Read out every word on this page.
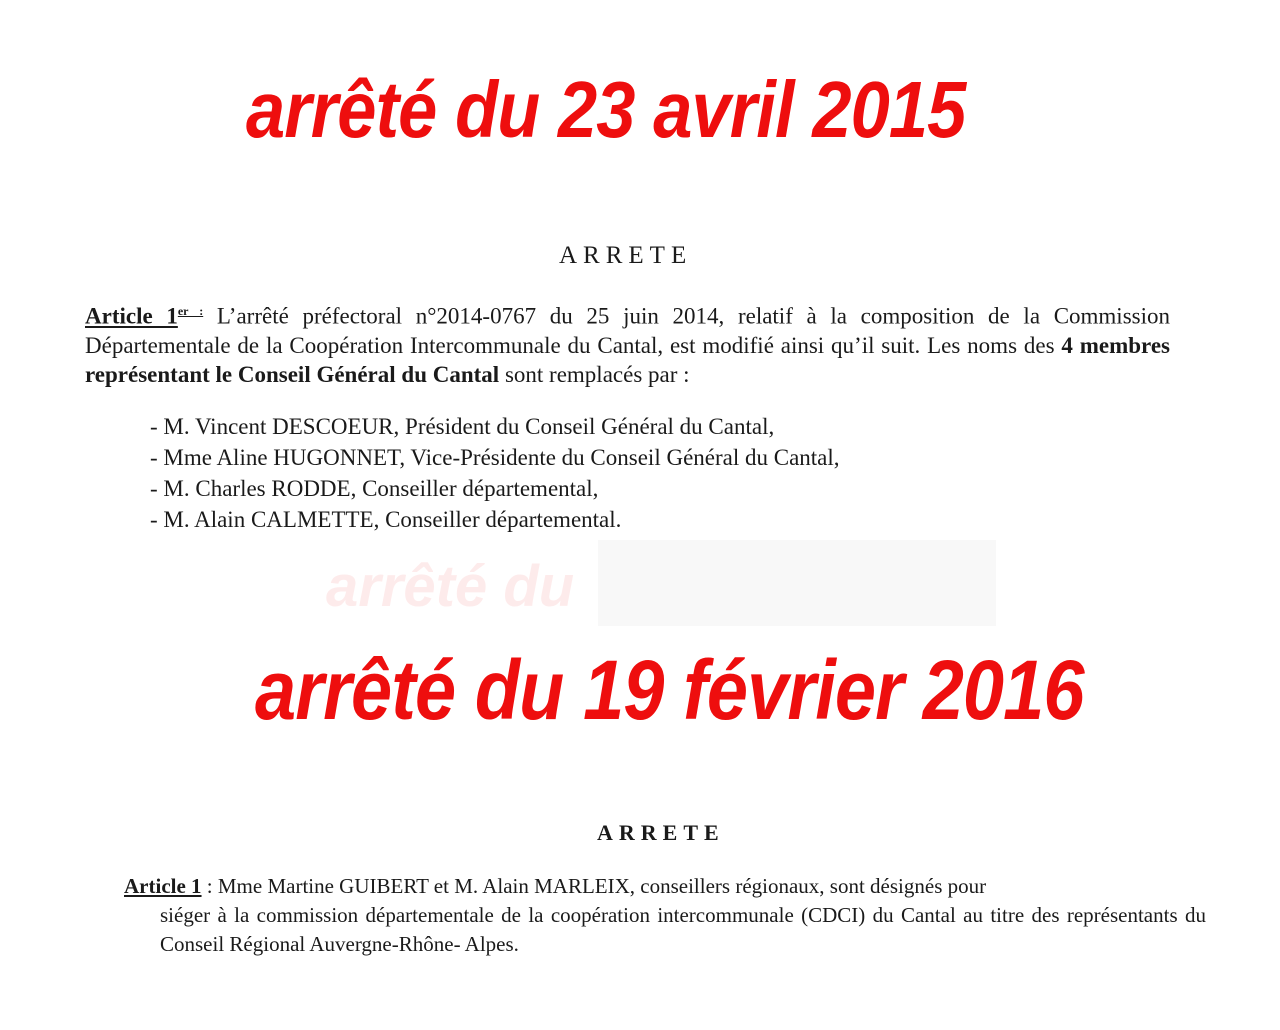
arrêté du 23 avril 2015
ARRETE
Article $1^{er :}$ L’arrêté préfectoral n°2014-0767 du 25 juin 2014, relatif à la composition de la Commission Départementale de la Coopération Intercommunale du Cantal, est modifié ainsi qu’il suit. Les noms des 4 membres représentant le Conseil Général du Cantal sont remplacés par :
- M. Vincent DESCOEUR, Président du Conseil Général du Cantal,
- Mme Aline HUGONNET, Vice-Présidente du Conseil Général du Cantal,
- M. Charles RODDE, Conseiller départemental,
- M. Alain CALMETTE, Conseiller départemental.
arrêté du
arrêté du 19 février 2016
ARRETE
Article 1 : Mme Martine GUIBERT et M. Alain MARLEIX, conseillers régionaux, sont désignés pour
siéger à la commission départementale de la coopération intercommunale (CDCI) du Cantal au titre des représentants du Conseil Régional Auvergne-Rhône- Alpes.
